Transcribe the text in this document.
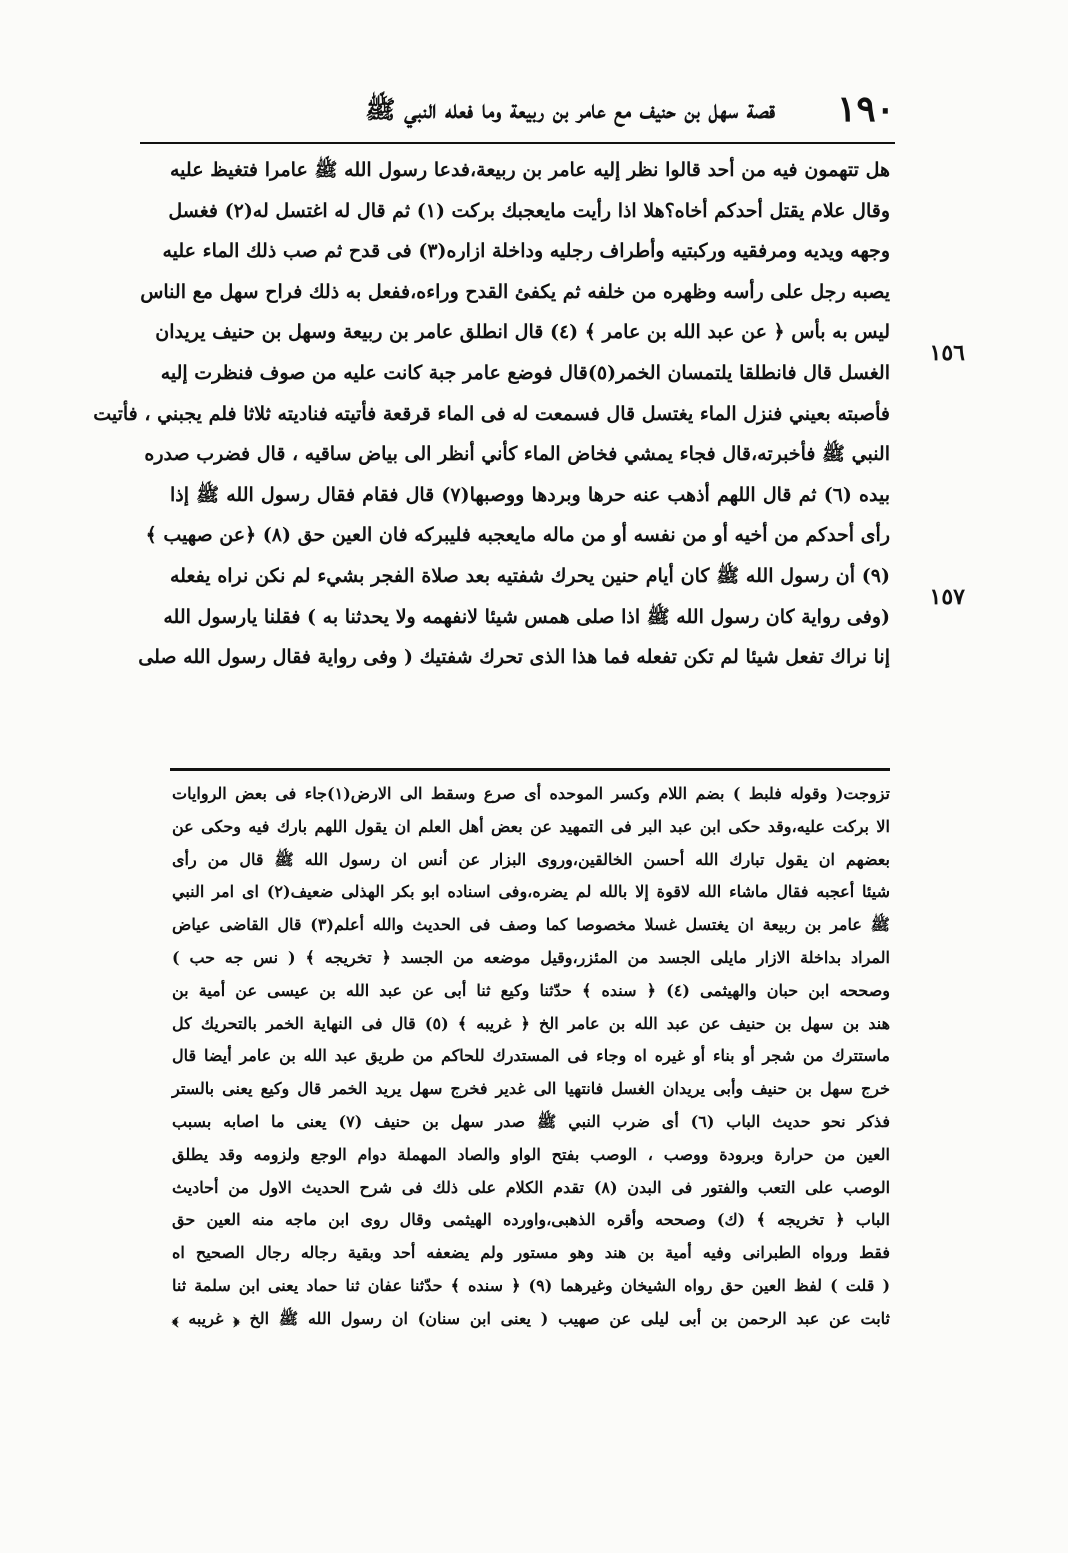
١٩٠
قصة سهل بن حنيف مع عامر بن ربيعة وما فعله النبي ﷺ
١٥٦
١٥٧
هل تتهمون فيه من أحد قالوا نظر إليه عامر بن ربيعة،فدعا رسول الله ﷺ عامرا فتغيظ عليه
وقال علام يقتل أحدكم أخاه؟هلا اذا رأيت مايعجبك بركت (١) ثم قال له اغتسل له(٢) فغسل
وجهه ويديه ومرفقيه وركبتيه وأطراف رجليه وداخلة ازاره(٣) فى قدح ثم صب ذلك الماء عليه
يصبه رجل على رأسه وظهره من خلفه ثم يكفئ القدح وراءه،ففعل به ذلك فراح سهل مع الناس
ليس به بأس ﴿ عن عبد الله بن عامر ﴾ (٤) قال انطلق عامر بن ربيعة وسهل بن حنيف يريدان
الغسل قال فانطلقا يلتمسان الخمر(٥)قال فوضع عامر جبة كانت عليه من صوف فنظرت إليه
فأصبته بعيني فنزل الماء يغتسل قال فسمعت له فى الماء قرقعة فأتيته فناديته ثلاثا فلم يجبني ، فأتيت
النبي ﷺ فأخبرته،قال فجاء يمشي فخاض الماء كأني أنظر الى بياض ساقيه ، قال فضرب صدره
بيده (٦) ثم قال اللهم أذهب عنه حرها وبردها ووصبها(٧) قال فقام فقال رسول الله ﷺ إذا
رأى أحدكم من أخيه أو من نفسه أو من ماله مايعجبه فليبركه فان العين حق (٨) ﴿عن صهيب ﴾
(٩) أن رسول الله ﷺ كان أيام حنين يحرك شفتيه بعد صلاة الفجر بشيء لم نكن نراه يفعله
(وفى رواية كان رسول الله ﷺ اذا صلى همس شيئا لانفهمه ولا يحدثنا به ) فقلنا يارسول الله
إنا نراك تفعل شيئا لم تكن تفعله فما هذا الذى تحرك شفتيك ( وفى رواية فقال رسول الله صلى
تزوجت( وقوله فلبط ) بضم اللام وكسر الموحده أى صرع وسقط الى الارض(١)جاء فى بعض الروايات
الا بركت عليه،وقد حكى ابن عبد البر فى التمهيد عن بعض أهل العلم ان يقول اللهم بارك فيه وحكى عن
بعضهم ان يقول تبارك الله أحسن الخالقين،وروى البزار عن أنس ان رسول الله ﷺ قال من رأى
شيئا أعجبه فقال ماشاء الله لاقوة إلا بالله لم يضره،وفى اسناده ابو بكر الهذلى ضعيف(٢) اى امر النبي
ﷺ عامر بن ربيعة ان يغتسل غسلا مخصوصا كما وصف فى الحديث والله أعلم(٣) قال القاضى عياض
المراد بداخلة الازار مايلى الجسد من المئزر،وقيل موضعه من الجسد ﴿ تخريجه ﴾ ( نس جه حب )
وصححه ابن حبان والهيثمى (٤) ﴿ سنده ﴾ حدّثنا وكيع ثنا أبى عن عبد الله بن عيسى عن أمية بن
هند بن سهل بن حنيف عن عبد الله بن عامر الخ ﴿ غريبه ﴾ (٥) قال فى النهاية الخمر بالتحريك كل
ماستترك من شجر أو بناء أو غيره اه وجاء فى المستدرك للحاكم من طريق عبد الله بن عامر أيضا قال
خرج سهل بن حنيف وأبى يريدان الغسل فانتهيا الى غدير فخرج سهل يريد الخمر قال وكيع يعنى بالستر
فذكر نحو حديث الباب (٦) أى ضرب النبي ﷺ صدر سهل بن حنيف (٧) يعنى ما اصابه بسبب
العين من حرارة وبرودة ووصب ، الوصب بفتح الواو والصاد المهملة دوام الوجع ولزومه وقد يطلق
الوصب على التعب والفتور فى البدن (٨) تقدم الكلام على ذلك فى شرح الحديث الاول من أحاديث
الباب ﴿ تخريجه ﴾ (ك) وصححه وأقره الذهبى،واورده الهيثمى وقال روى ابن ماجه منه العين حق
فقط ورواه الطبرانى وفيه أمية بن هند وهو مستور ولم يضعفه أحد وبقية رجاله رجال الصحيح اه
( قلت ) لفظ العين حق رواه الشيخان وغيرهما (٩) ﴿ سنده ﴾ حدّثنا عفان ثنا حماد يعنى ابن سلمة ثنا
ثابت عن عبد الرحمن بن أبى ليلى عن صهيب ( يعنى ابن سنان) ان رسول الله ﷺ الخ ﴿ غريبه ﴾
